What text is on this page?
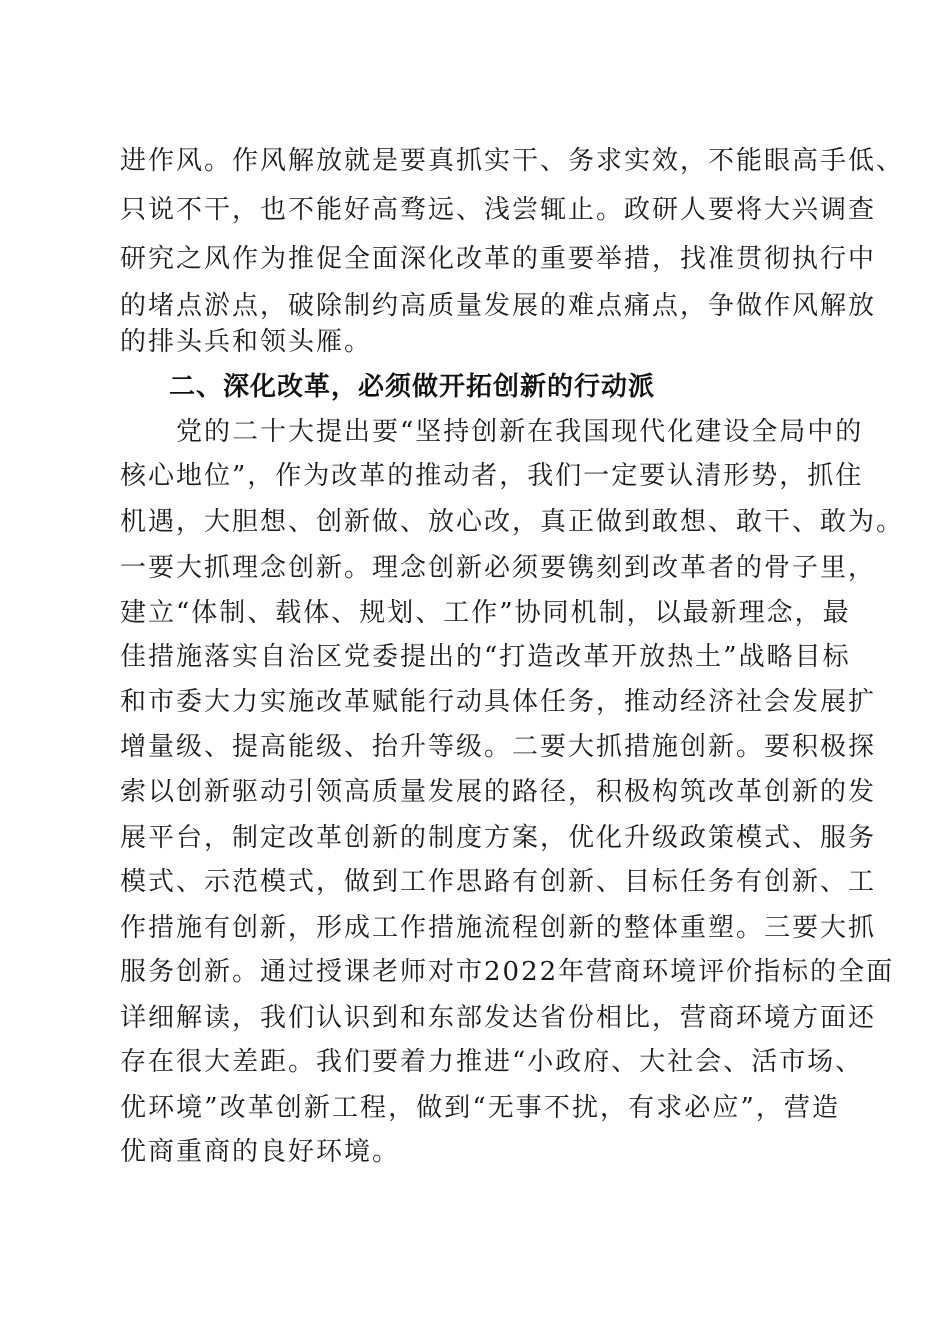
进作风。作风解放就是要真抓实干、务求实效，不能眼高手低、

只说不干，也不能好高骛远、浅尝辄止。政研人要将大兴调查

研究之风作为推促全面深化改革的重要举措，找准贯彻执行中

的堵点淤点，破除制约高质量发展的难点痛点，争做作风解放

的排头兵和领头雁。

二、深化改革，必须做开拓创新的行动派

　　党的二十大提出要“坚持创新在我国现代化建设全局中的

核心地位”，作为改革的推动者，我们一定要认清形势，抓住

机遇，大胆想、创新做、放心改，真正做到敢想、敢干、敢为。

一要大抓理念创新。理念创新必须要镌刻到改革者的骨子里，

建立“体制、载体、规划、工作”协同机制，以最新理念，最

佳措施落实自治区党委提出的“打造改革开放热土”战略目标

和市委大力实施改革赋能行动具体任务，推动经济社会发展扩

增量级、提高能级、抬升等级。二要大抓措施创新。要积极探

索以创新驱动引领高质量发展的路径，积极构筑改革创新的发

展平台，制定改革创新的制度方案，优化升级政策模式、服务

模式、示范模式，做到工作思路有创新、目标任务有创新、工

作措施有创新，形成工作措施流程创新的整体重塑。三要大抓

服务创新。通过授课老师对市2022年营商环境评价指标的全面

详细解读，我们认识到和东部发达省份相比，营商环境方面还

存在很大差距。我们要着力推进“小政府、大社会、活市场、

优环境”改革创新工程，做到“无事不扰，有求必应”，营造

优商重商的良好环境。
